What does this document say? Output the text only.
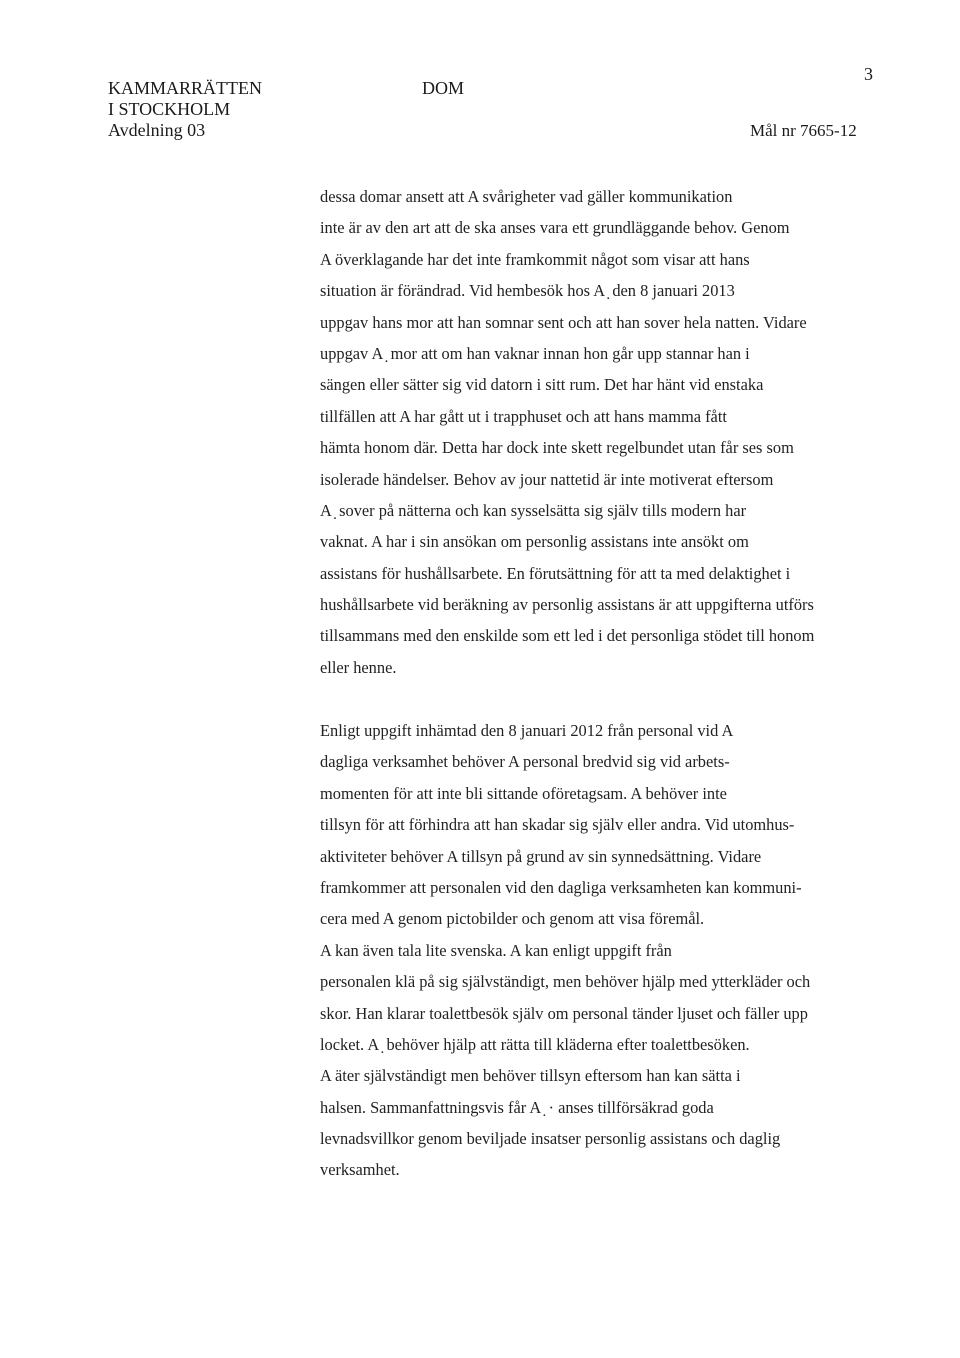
3
KAMMARRÄTTEN
I STOCKHOLM
Avdelning 03
DOM
Mål nr 7665-12
dessa domar ansett att A svårigheter vad gäller kommunikation
inte är av den art att de ska anses vara ett grundläggande behov. Genom
A överklagande har det inte framkommit något som visar att hans
situation är förändrad. Vid hembesök hos A ̣ den 8 januari 2013
uppgav hans mor att han somnar sent och att han sover hela natten. Vidare
uppgav A ̣ mor att om han vaknar innan hon går upp stannar han i
sängen eller sätter sig vid datorn i sitt rum. Det har hänt vid enstaka
tillfällen att A har gått ut i trapphuset och att hans mamma fått
hämta honom där. Detta har dock inte skett regelbundet utan får ses som
isolerade händelser. Behov av jour nattetid är inte motiverat eftersom
A ̣ sover på nätterna och kan sysselsätta sig själv tills modern har
vaknat. A har i sin ansökan om personlig assistans inte ansökt om
assistans för hushållsarbete. En förutsättning för att ta med delaktighet i
hushållsarbete vid beräkning av personlig assistans är att uppgifterna utförs
tillsammans med den enskilde som ett led i det personliga stödet till honom
eller henne.
Enligt uppgift inhämtad den 8 januari 2012 från personal vid A
dagliga verksamhet behöver A personal bredvid sig vid arbets-
momenten för att inte bli sittande oföretagsam. A behöver inte
tillsyn för att förhindra att han skadar sig själv eller andra. Vid utomhus-
aktiviteter behöver A tillsyn på grund av sin synnedsättning. Vidare
framkommer att personalen vid den dagliga verksamheten kan kommuni-
cera med A genom pictobilder och genom att visa föremål.
A kan även tala lite svenska. A kan enligt uppgift från
personalen klä på sig självständigt, men behöver hjälp med ytterkläder och
skor. Han klarar toalettbesök själv om personal tänder ljuset och fäller upp
locket. A ̣ behöver hjälp att rätta till kläderna efter toalettbesöken.
A äter självständigt men behöver tillsyn eftersom han kan sätta i
halsen. Sammanfattningsvis får A ̣ · anses tillförsäkrad goda
levnadsvillkor genom beviljade insatser personlig assistans och daglig
verksamhet.
